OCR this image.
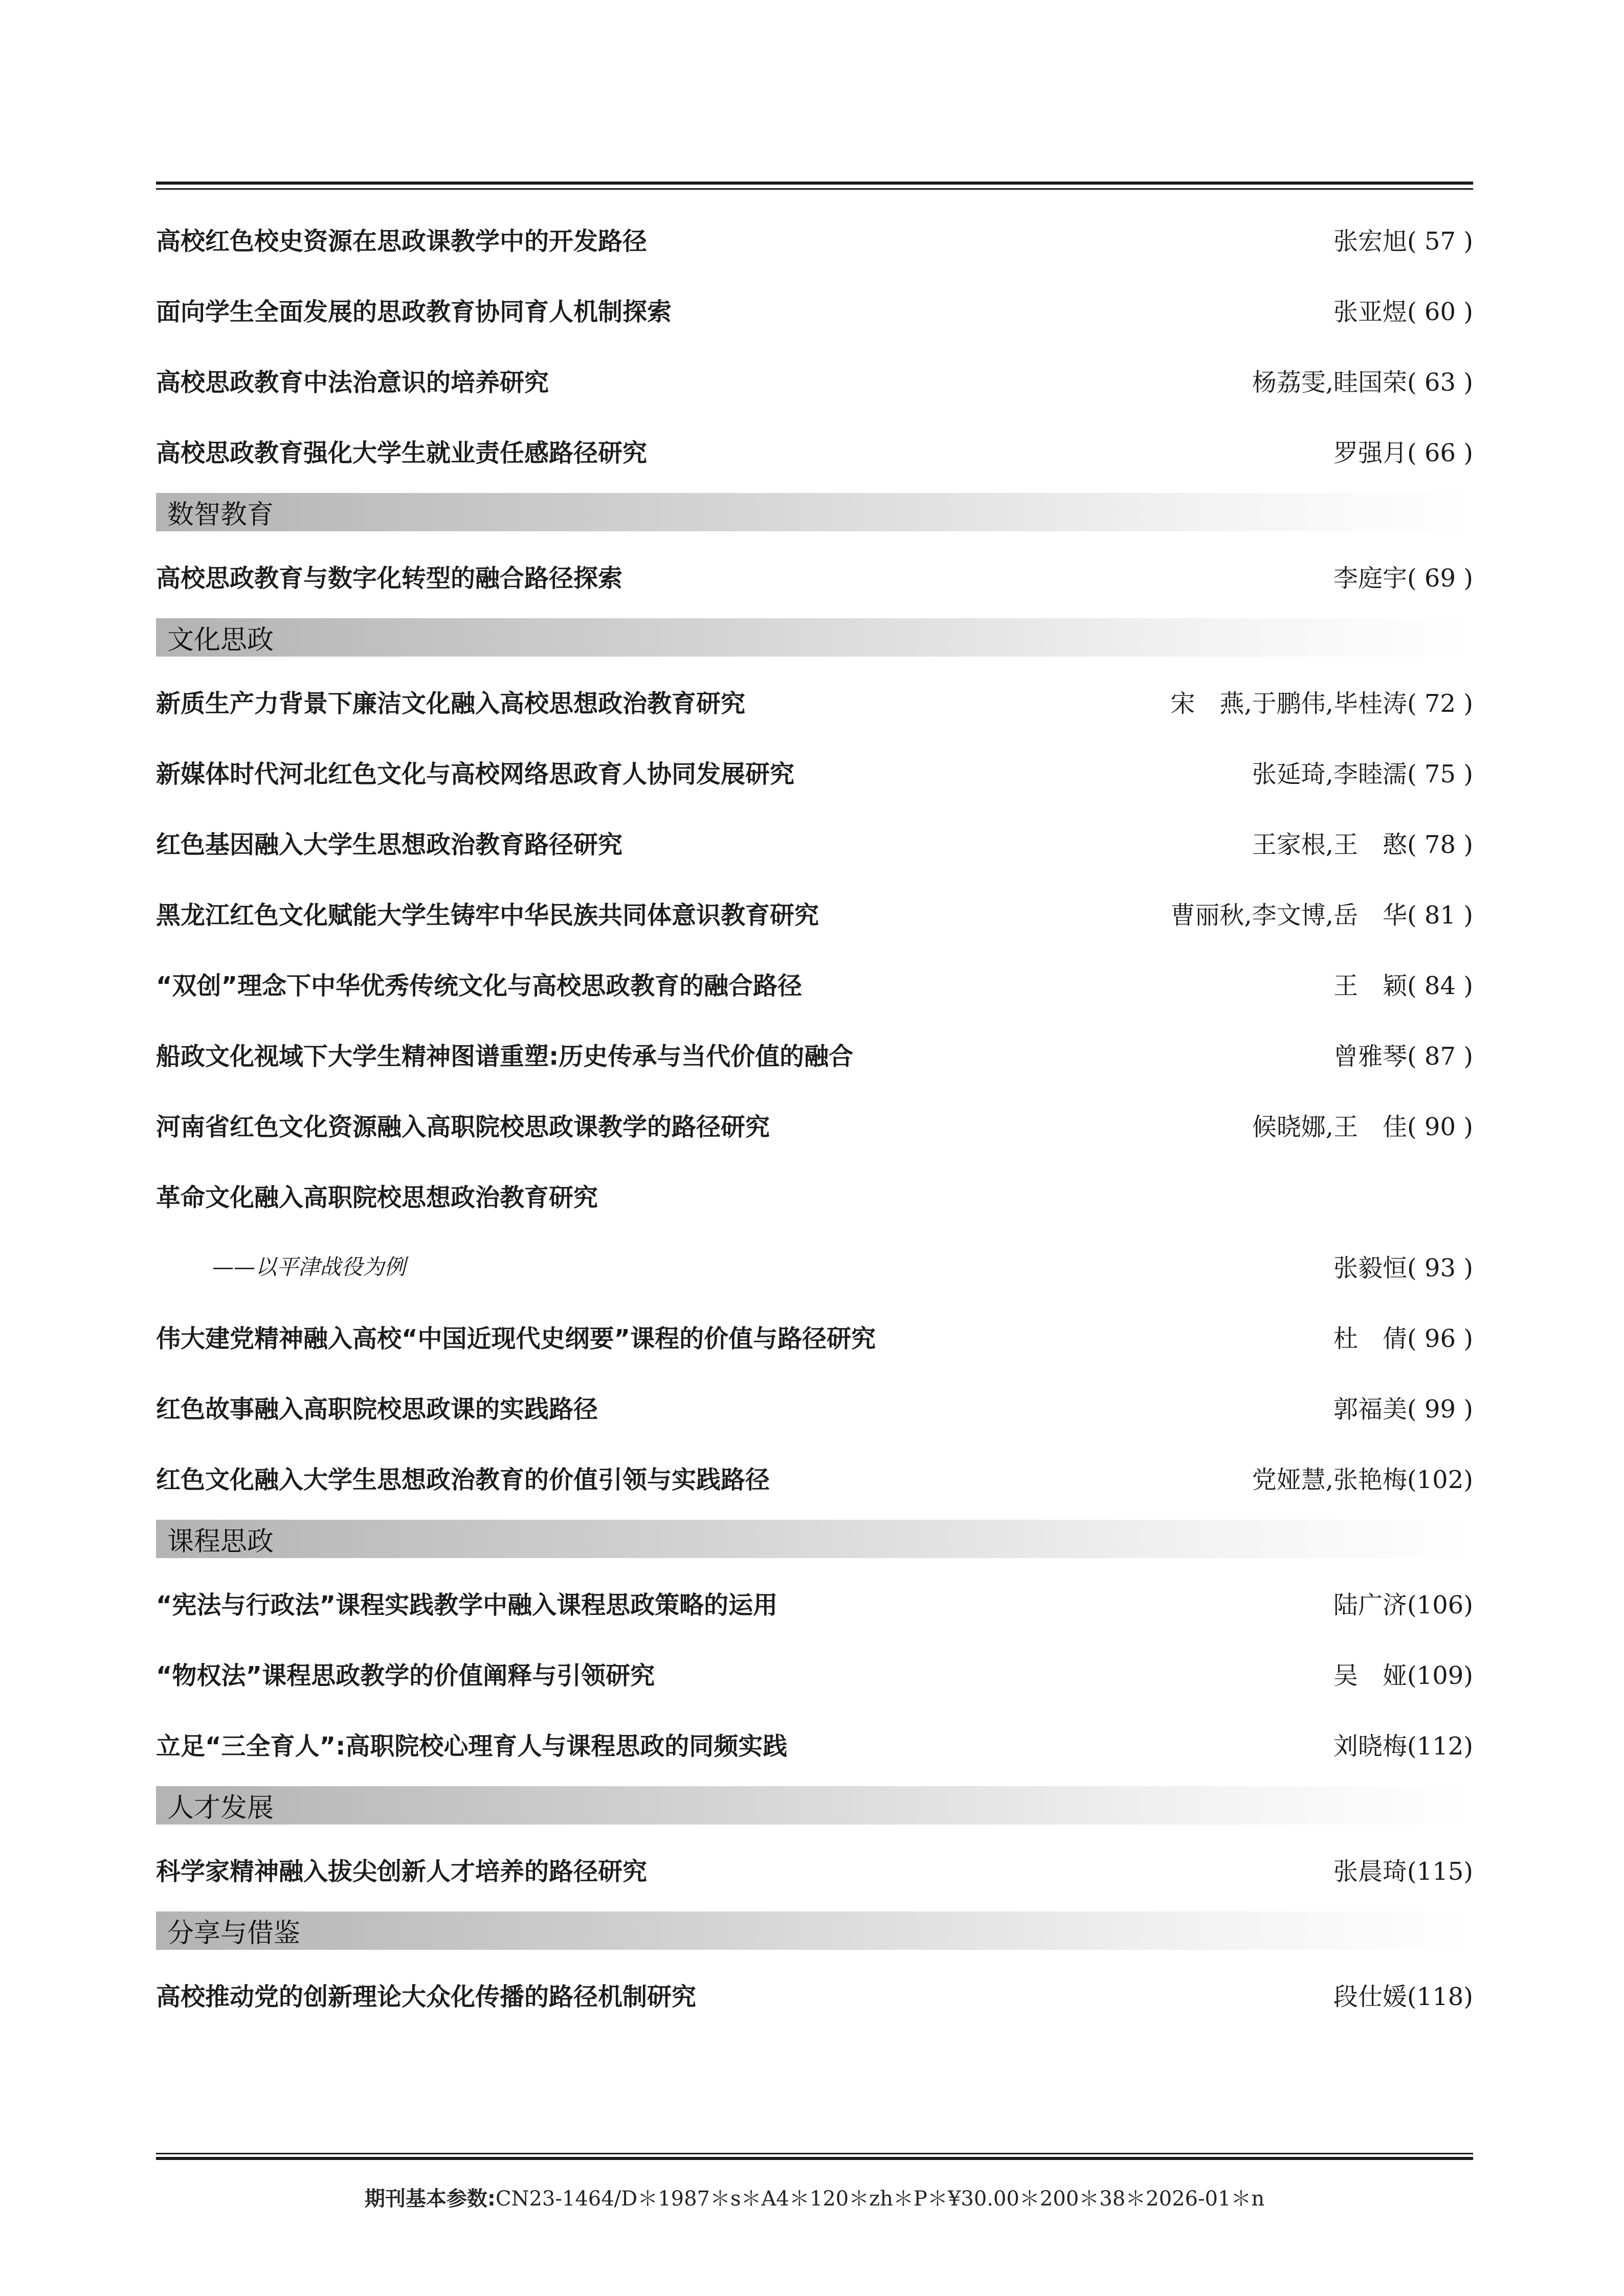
高校红色校史资源在思政课教学中的开发路径	张宏旭( 57 )
面向学生全面发展的思政教育协同育人机制探索	张亚煜( 60 )
高校思政教育中法治意识的培养研究	杨荔雯,眭国荣( 63 )
高校思政教育强化大学生就业责任感路径研究	罗强月( 66 )
数智教育
高校思政教育与数字化转型的融合路径探索	李庭宇( 69 )
文化思政
新质生产力背景下廉洁文化融入高校思想政治教育研究	宋　燕,于鹏伟,毕桂涛( 72 )
新媒体时代河北红色文化与高校网络思政育人协同发展研究	张延琦,李睦濡( 75 )
红色基因融入大学生思想政治教育路径研究	王家根,王　憨( 78 )
黑龙江红色文化赋能大学生铸牢中华民族共同体意识教育研究	曹丽秋,李文博,岳　华( 81 )
“双创”理念下中华优秀传统文化与高校思政教育的融合路径	王　颖( 84 )
船政文化视域下大学生精神图谱重塑:历史传承与当代价值的融合	曾雅琴( 87 )
河南省红色文化资源融入高职院校思政课教学的路径研究	候晓娜,王　佳( 90 )
革命文化融入高职院校思想政治教育研究
——以平津战役为例	张毅恒( 93 )
伟大建党精神融入高校“中国近现代史纲要”课程的价值与路径研究	杜　倩( 96 )
红色故事融入高职院校思政课的实践路径	郭福美( 99 )
红色文化融入大学生思想政治教育的价值引领与实践路径	党娅慧,张艳梅(102)
课程思政
“宪法与行政法”课程实践教学中融入课程思政策略的运用	陆广济(106)
“物权法”课程思政教学的价值阐释与引领研究	吴　娅(109)
立足“三全育人”:高职院校心理育人与课程思政的同频实践	刘晓梅(112)
人才发展
科学家精神融入拔尖创新人才培养的路径研究	张晨琦(115)
分享与借鉴
高校推动党的创新理论大众化传播的路径机制研究	段仕媛(118)
期刊基本参数:CN23-1464/D＊1987＊s＊A4＊120＊zh＊P＊¥30.00＊200＊38＊2026-01＊n
